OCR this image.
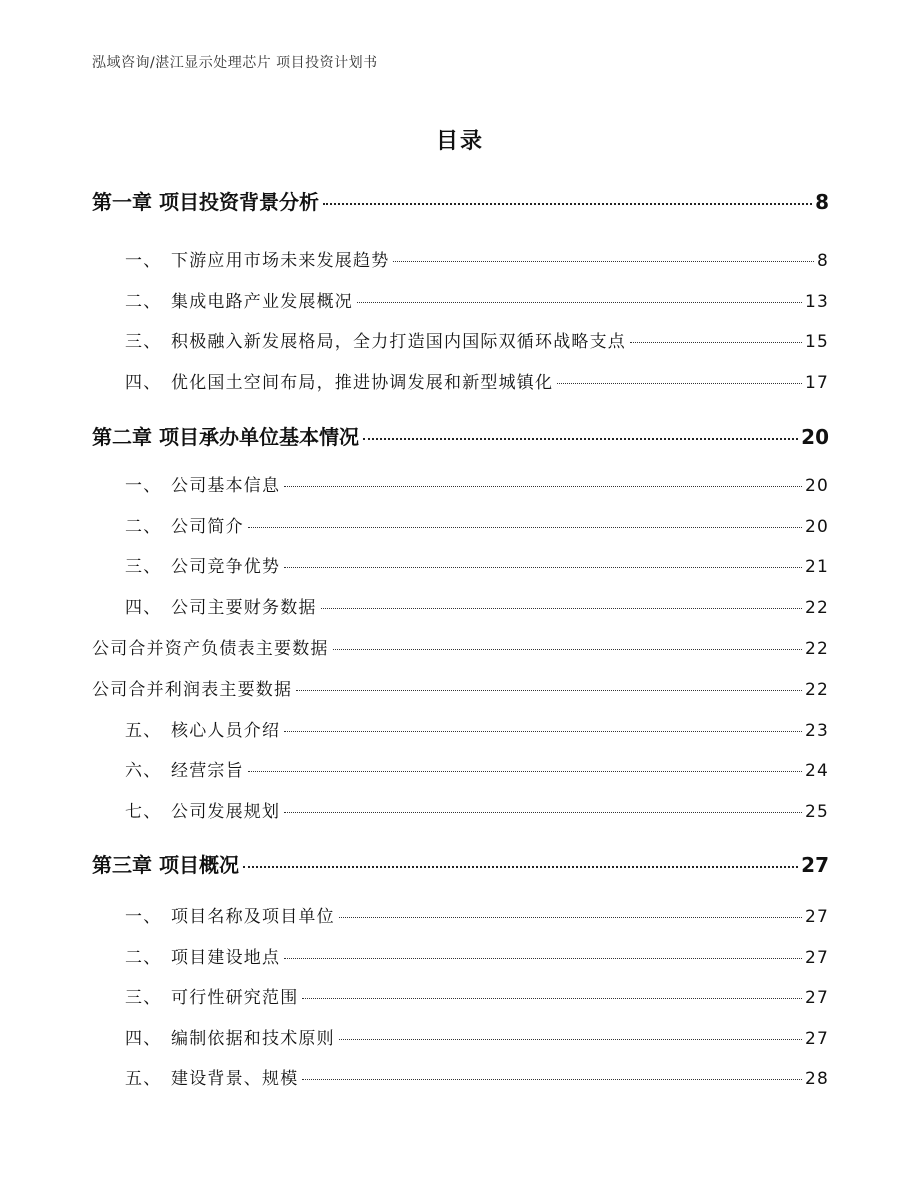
泓域咨询/湛江显示处理芯片 项目投资计划书
目录
第一章 项目投资背景分析	8
一、 下游应用市场未来发展趋势	8
二、 集成电路产业发展概况	13
三、 积极融入新发展格局，全力打造国内国际双循环战略支点	15
四、 优化国土空间布局，推进协调发展和新型城镇化	17
第二章 项目承办单位基本情况	20
一、 公司基本信息	20
二、 公司简介	20
三、 公司竞争优势	21
四、 公司主要财务数据	22
公司合并资产负债表主要数据	22
公司合并利润表主要数据	22
五、 核心人员介绍	23
六、 经营宗旨	24
七、 公司发展规划	25
第三章 项目概况	27
一、 项目名称及项目单位	27
二、 项目建设地点	27
三、 可行性研究范围	27
四、 编制依据和技术原则	27
五、 建设背景、规模	28
